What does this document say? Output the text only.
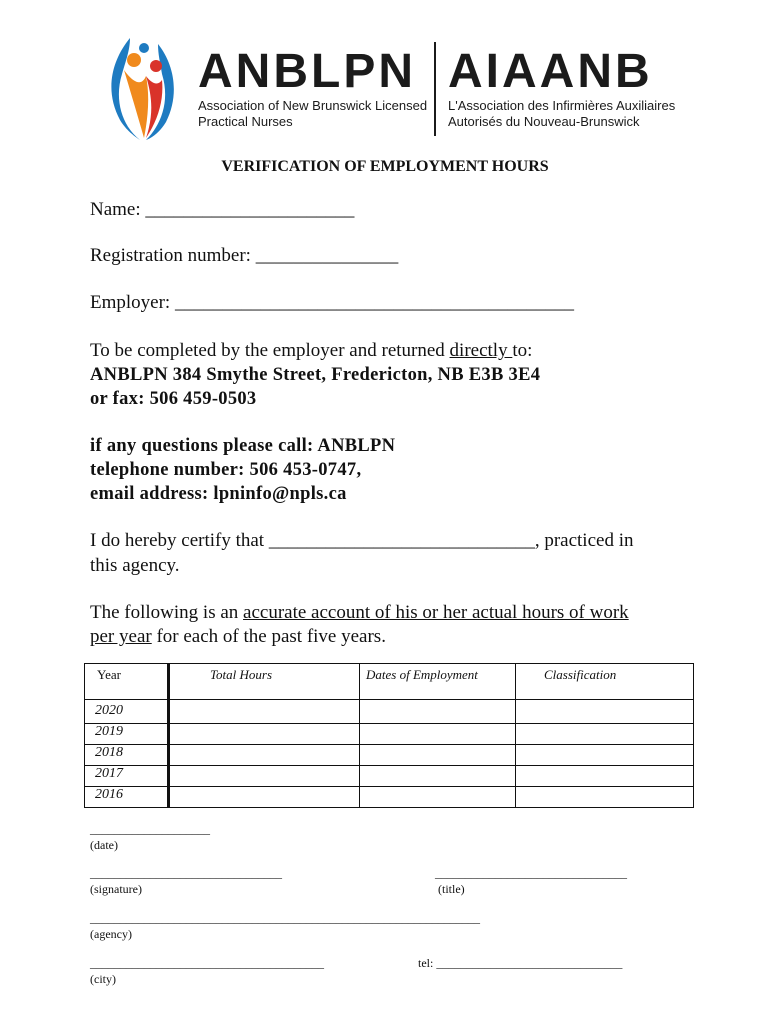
ANBLPN AIAANB
Association of New Brunswick Licensed
Practical Nurses
L'Association des Infirmières Auxiliaires
Autorisés du Nouveau-Brunswick
VERIFICATION OF EMPLOYMENT HOURS
Name: ______________________
Registration number: _______________
Employer: __________________________________________
To be completed by the employer and returned directly to:
ANBLPN 384 Smythe Street, Fredericton, NB E3B 3E4
or fax: 506 459-0503
if any questions please call: ANBLPN
telephone number: 506 453-0747,
email address: lpninfo@npls.ca
I do hereby certify that ____________________________, practiced in
this agency.
The following is an accurate account of his or her actual hours of work
per year for each of the past five years.
Year	Total Hours	Dates of Employment	Classification
2020			
2019			
2018			
2017			
2016			
____________________
(date)
________________________________
(signature)
________________________________
(title)
_________________________________________________________________
(agency)
_______________________________________
(city)
tel: _______________________________
